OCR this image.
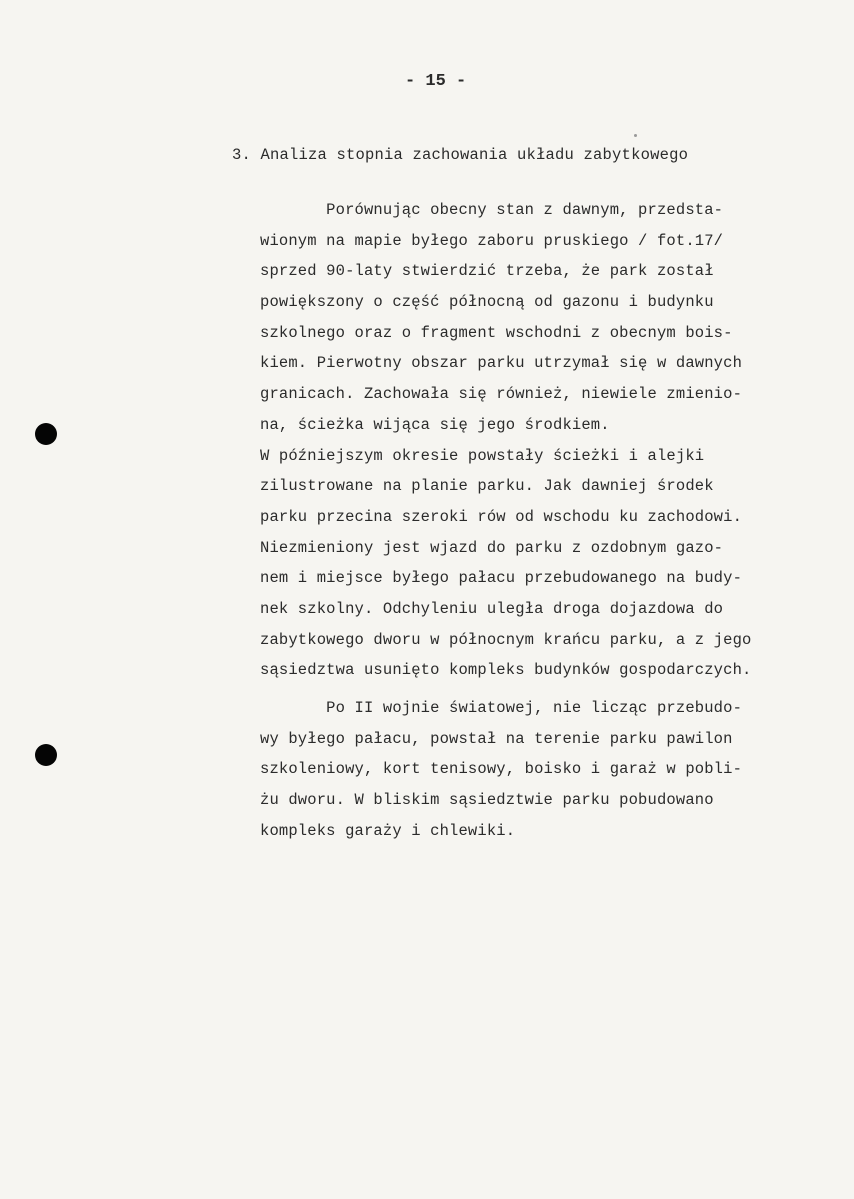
- 15 -
3. Analiza stopnia zachowania układu zabytkowego
Porównując obecny stan z dawnym, przedsta-
wionym na mapie byłego zaboru pruskiego / fot.17/
sprzed 90-laty stwierdzić trzeba, że park został
powiększony o część północną od gazonu i budynku
szkolnego oraz o fragment wschodni z obecnym bois-
kiem. Pierwotny obszar parku utrzymał się w dawnych
granicach. Zachowała się również, niewiele zmienio-
na, ścieżka wijąca się jego środkiem.
W późniejszym okresie powstały ścieżki i alejki
zilustrowane na planie parku. Jak dawniej środek
parku przecina szeroki rów od wschodu ku zachodowi.
Niezmieniony jest wjazd do parku z ozdobnym gazo-
nem i miejsce byłego pałacu przebudowanego na budy-
nek szkolny. Odchyleniu uległa droga dojazdowa do
zabytkowego dworu w północnym krańcu parku, a z jego
sąsiedztwa usunięto kompleks budynków gospodarczych.
Po II wojnie światowej, nie licząc przebudo-
wy byłego pałacu, powstał na terenie parku pawilon
szkoleniowy, kort tenisowy, boisko i garaż w pobli-
żu dworu. W bliskim sąsiedztwie parku pobudowano
kompleks garaży i chlewiki.
